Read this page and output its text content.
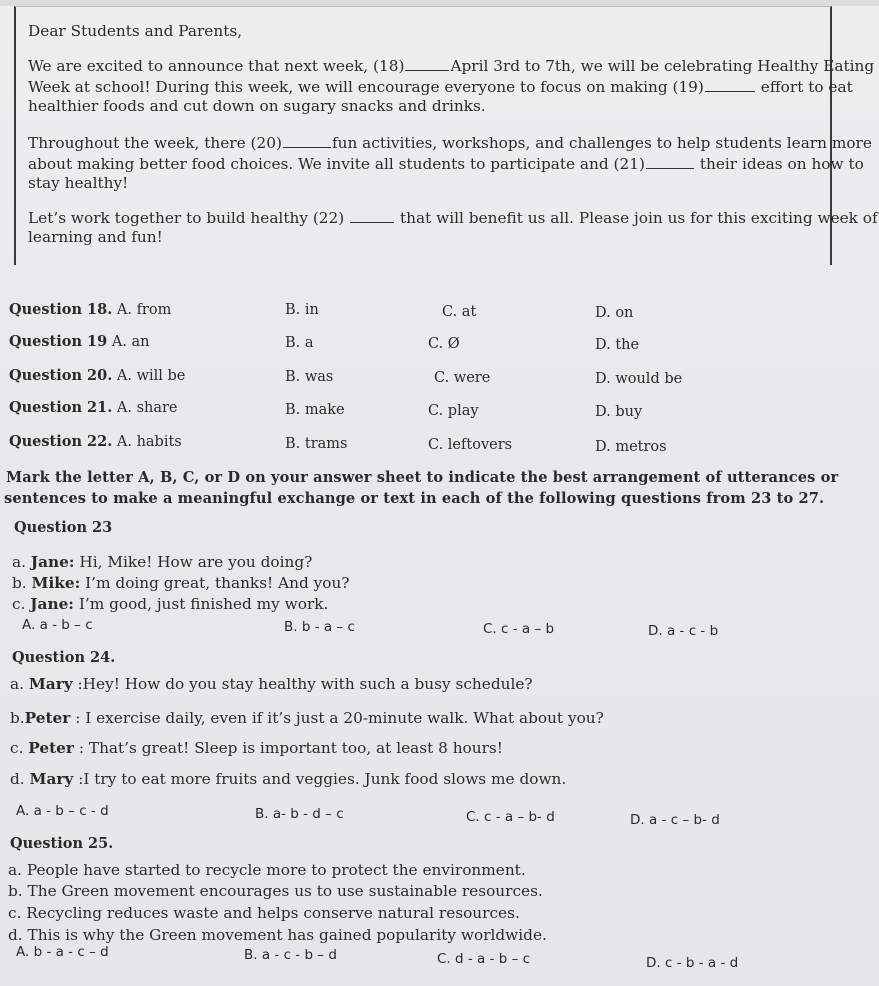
Dear Students and Parents,
We are excited to announce that next week, (18)	April 3rd to 7th, we will be celebrating Healthy Eating
Week at school! During this week, we will encourage everyone to focus on making (19)	effort to eat
healthier foods and cut down on sugary snacks and drinks.
Throughout the week, there (20)	fun activities, workshops, and challenges to help students learn more
about making better food choices. We invite all students to participate and (21)	their ideas on how to
stay healthy!
Let’s work together to build healthy (22)	that will benefit us all. Please join us for this exciting week of
learning and fun!
Question 18. A. from	B. in	C. at	D. on
Question 19 A. an	B. a	C. Ø	D. the
Question 20. A. will be	B. was	C. were	D. would be
Question 21. A. share	B. make	C. play	D. buy
Question 22. A. habits	B. trams	C. leftovers	D. metros
Mark the letter A, B, C, or D on your answer sheet to indicate the best arrangement of utterances or
sentences to make a meaningful exchange or text in each of the following questions from 23 to 27.
Question 23
a. Jane: Hi, Mike! How are you doing?
b. Mike: I’m doing great, thanks! And you?
c. Jane: I’m good, just finished my work.
A. a - b – c	B. b - a – c	C. c - a – b	D. a - c - b
Question 24.
a. Mary :Hey! How do you stay healthy with such a busy schedule?
b.Peter : I exercise daily, even if it’s just a 20-minute walk. What about you?
c. Peter : That’s great! Sleep is important too, at least 8 hours!
d. Mary :I try to eat more fruits and veggies. Junk food slows me down.
A. a - b – c - d	B. a- b - d – c	C. c - a – b- d	D. a - c – b- d
Question 25.
a. People have started to recycle more to protect the environment.
b. The Green movement encourages us to use sustainable resources.
c. Recycling reduces waste and helps conserve natural resources.
d. This is why the Green movement has gained popularity worldwide.
A. b - a - c – d	B. a - c - b – d	C. d - a - b – c	D. c - b - a - d
